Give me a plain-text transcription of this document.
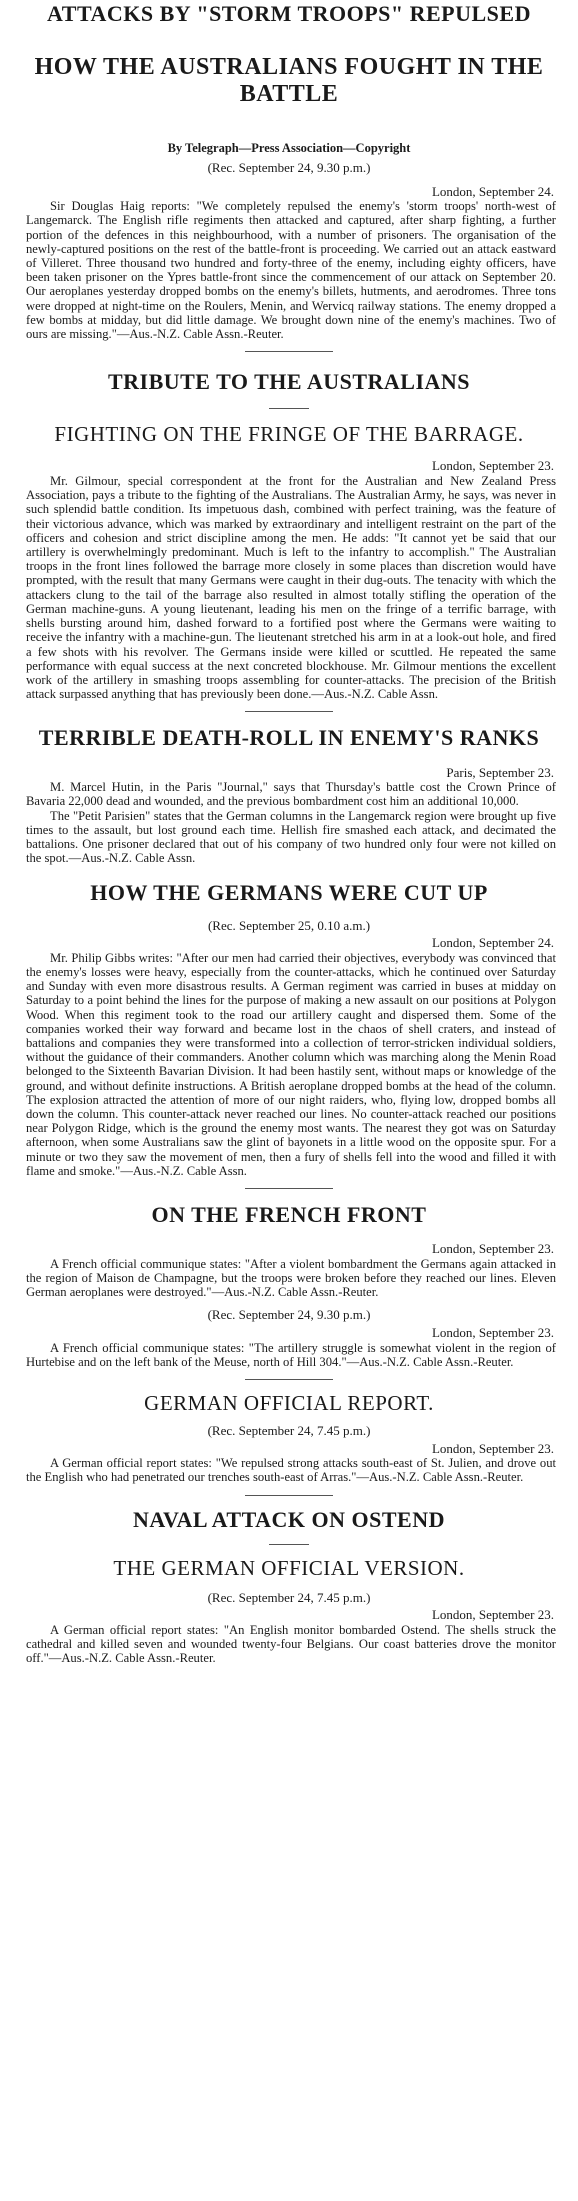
ATTACKS BY "STORM TROOPS" REPULSED
HOW THE AUSTRALIANS FOUGHT IN THE BATTLE

By Telegraph—Press Association—Copyright

(Rec. September 24, 9.30 p.m.)

London, September 24.

Sir Douglas Haig reports: "We completely repulsed the enemy's 'storm troops' north-west of Langemarck. The English rifle regiments then attacked and captured, after sharp fighting, a further portion of the defences in this neighbourhood, with a number of prisoners. The organisation of the newly-captured positions on the rest of the battle-front is proceeding. We carried out an attack eastward of Villeret. Three thousand two hundred and forty-three of the enemy, including eighty officers, have been taken prisoner on the Ypres battle-front since the commencement of our attack on September 20. Our aeroplanes yesterday dropped bombs on the enemy's billets, hutments, and aerodromes. Three tons were dropped at night-time on the Roulers, Menin, and Wervicq railway stations. The enemy dropped a few bombs at midday, but did little damage. We brought down nine of the enemy's machines. Two of ours are missing."—Aus.-N.Z. Cable Assn.-Reuter.

TRIBUTE TO THE AUSTRALIANS
FIGHTING ON THE FRINGE OF THE BARRAGE.

London, September 23.

Mr. Gilmour, special correspondent at the front for the Australian and New Zealand Press Association, pays a tribute to the fighting of the Australians. The Australian Army, he says, was never in such splendid battle condition. Its impetuous dash, combined with perfect training, was the feature of their victorious advance, which was marked by extraordinary and intelligent restraint on the part of the officers and cohesion and strict discipline among the men. He adds: "It cannot yet be said that our artillery is overwhelmingly predominant. Much is left to the infantry to accomplish." The Australian troops in the front lines followed the barrage more closely in some places than discretion would have prompted, with the result that many Germans were caught in their dug-outs. The tenacity with which the attackers clung to the tail of the barrage also resulted in almost totally stifling the operation of the German machine-guns. A young lieutenant, leading his men on the fringe of a terrific barrage, with shells bursting around him, dashed forward to a fortified post where the Germans were waiting to receive the infantry with a machine-gun. The lieutenant stretched his arm in at a look-out hole, and fired a few shots with his revolver. The Germans inside were killed or scuttled. He repeated the same performance with equal success at the next concreted blockhouse. Mr. Gilmour mentions the excellent work of the artillery in smashing troops assembling for counter-attacks. The precision of the British attack surpassed anything that has previously been done.—Aus.-N.Z. Cable Assn.

TERRIBLE DEATH-ROLL IN ENEMY'S RANKS

Paris, September 23.

M. Marcel Hutin, in the Paris "Journal," says that Thursday's battle cost the Crown Prince of Bavaria 22,000 dead and wounded, and the previous bombardment cost him an additional 10,000.

The "Petit Parisien" states that the German columns in the Langemarck region were brought up five times to the assault, but lost ground each time. Hellish fire smashed each attack, and decimated the battalions. One prisoner declared that out of his company of two hundred only four were not killed on the spot.—Aus.-N.Z. Cable Assn.

HOW THE GERMANS WERE CUT UP

(Rec. September 25, 0.10 a.m.)

London, September 24.

Mr. Philip Gibbs writes: "After our men had carried their objectives, everybody was convinced that the enemy's losses were heavy, especially from the counter-attacks, which he continued over Saturday and Sunday with even more disastrous results. A German regiment was carried in buses at midday on Saturday to a point behind the lines for the purpose of making a new assault on our positions at Polygon Wood. When this regiment took to the road our artillery caught and dispersed them. Some of the companies worked their way forward and became lost in the chaos of shell craters, and instead of battalions and companies they were transformed into a collection of terror-stricken individual soldiers, without the guidance of their commanders. Another column which was marching along the Menin Road belonged to the Sixteenth Bavarian Division. It had been hastily sent, without maps or knowledge of the ground, and without definite instructions. A British aeroplane dropped bombs at the head of the column. The explosion attracted the attention of more of our night raiders, who, flying low, dropped bombs all down the column. This counter-attack never reached our lines. No counter-attack reached our positions near Polygon Ridge, which is the ground the enemy most wants. The nearest they got was on Saturday afternoon, when some Australians saw the glint of bayonets in a little wood on the opposite spur. For a minute or two they saw the movement of men, then a fury of shells fell into the wood and filled it with flame and smoke."—Aus.-N.Z. Cable Assn.

ON THE FRENCH FRONT

London, September 23.

A French official communique states: "After a violent bombardment the Germans again attacked in the region of Maison de Champagne, but the troops were broken before they reached our lines. Eleven German aeroplanes were destroyed."—Aus.-N.Z. Cable Assn.-Reuter.

(Rec. September 24, 9.30 p.m.)

London, September 23.

A French official communique states: "The artillery struggle is somewhat violent in the region of Hurtebise and on the left bank of the Meuse, north of Hill 304."—Aus.-N.Z. Cable Assn.-Reuter.

GERMAN OFFICIAL REPORT.

(Rec. September 24, 7.45 p.m.)

London, September 23.

A German official report states: "We repulsed strong attacks south-east of St. Julien, and drove out the English who had penetrated our trenches south-east of Arras."—Aus.-N.Z. Cable Assn.-Reuter.

NAVAL ATTACK ON OSTEND
THE GERMAN OFFICIAL VERSION.

(Rec. September 24, 7.45 p.m.)

London, September 23.

A German official report states: "An English monitor bombarded Ostend. The shells struck the cathedral and killed seven and wounded twenty-four Belgians. Our coast batteries drove the monitor off."—Aus.-N.Z. Cable Assn.-Reuter.
